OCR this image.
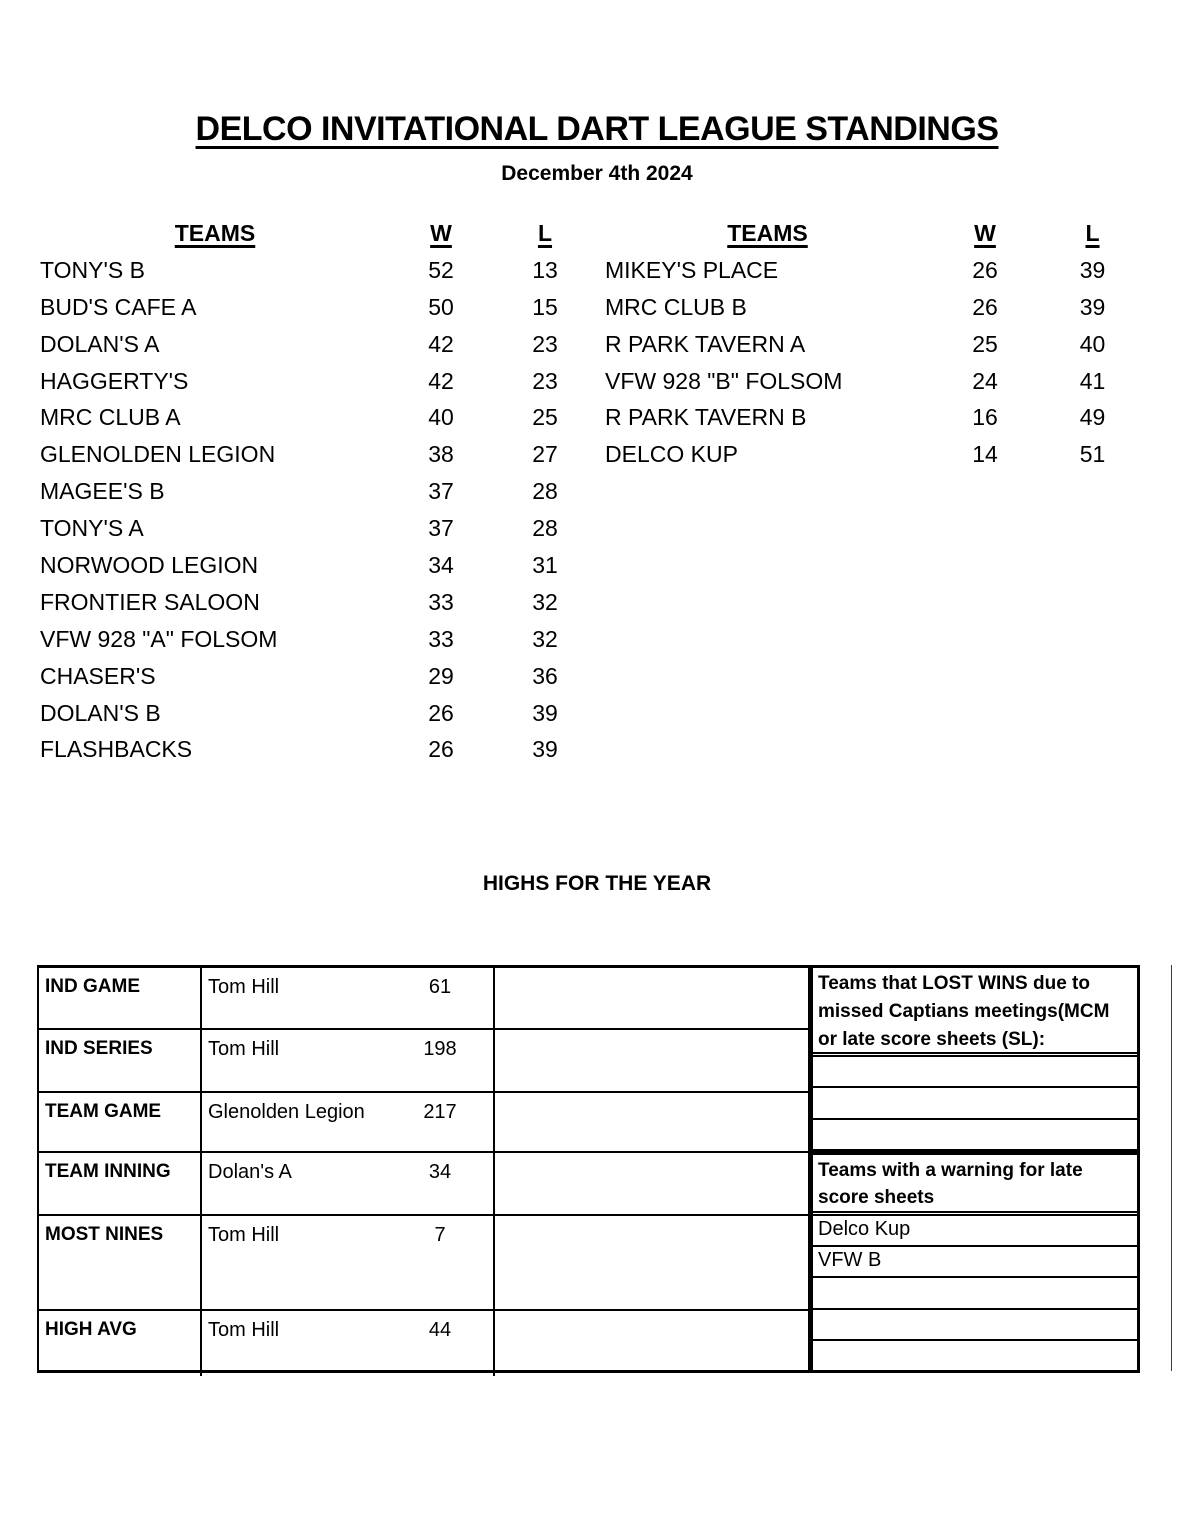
DELCO INVITATIONAL DART LEAGUE STANDINGS
December 4th 2024
TEAMS	W	L
TONY'S B	52	13
BUD'S CAFE A	50	15
DOLAN'S A	42	23
HAGGERTY'S	42	23
MRC CLUB A	40	25
GLENOLDEN LEGION	38	27
MAGEE'S B	37	28
TONY'S A	37	28
NORWOOD LEGION	34	31
FRONTIER SALOON	33	32
VFW 928 "A" FOLSOM	33	32
CHASER'S	29	36
DOLAN'S B	26	39
FLASHBACKS	26	39
TEAMS	W	L
MIKEY'S PLACE	26	39
MRC CLUB B	26	39
R PARK TAVERN A	25	40
VFW 928 "B" FOLSOM	24	41
R PARK TAVERN B	16	49
DELCO KUP	14	51
HIGHS FOR THE YEAR
IND GAME	Tom Hill	61
IND SERIES	Tom Hill	198
TEAM GAME	Glenolden Legion	217
TEAM INNING	Dolan's A	34
MOST NINES	Tom Hill	7
HIGH AVG	Tom Hill	44
Teams that LOST WINS due to
missed Captians meetings(MCM
or late score sheets (SL):
Teams with a warning for late
score sheets
Delco Kup
VFW B
